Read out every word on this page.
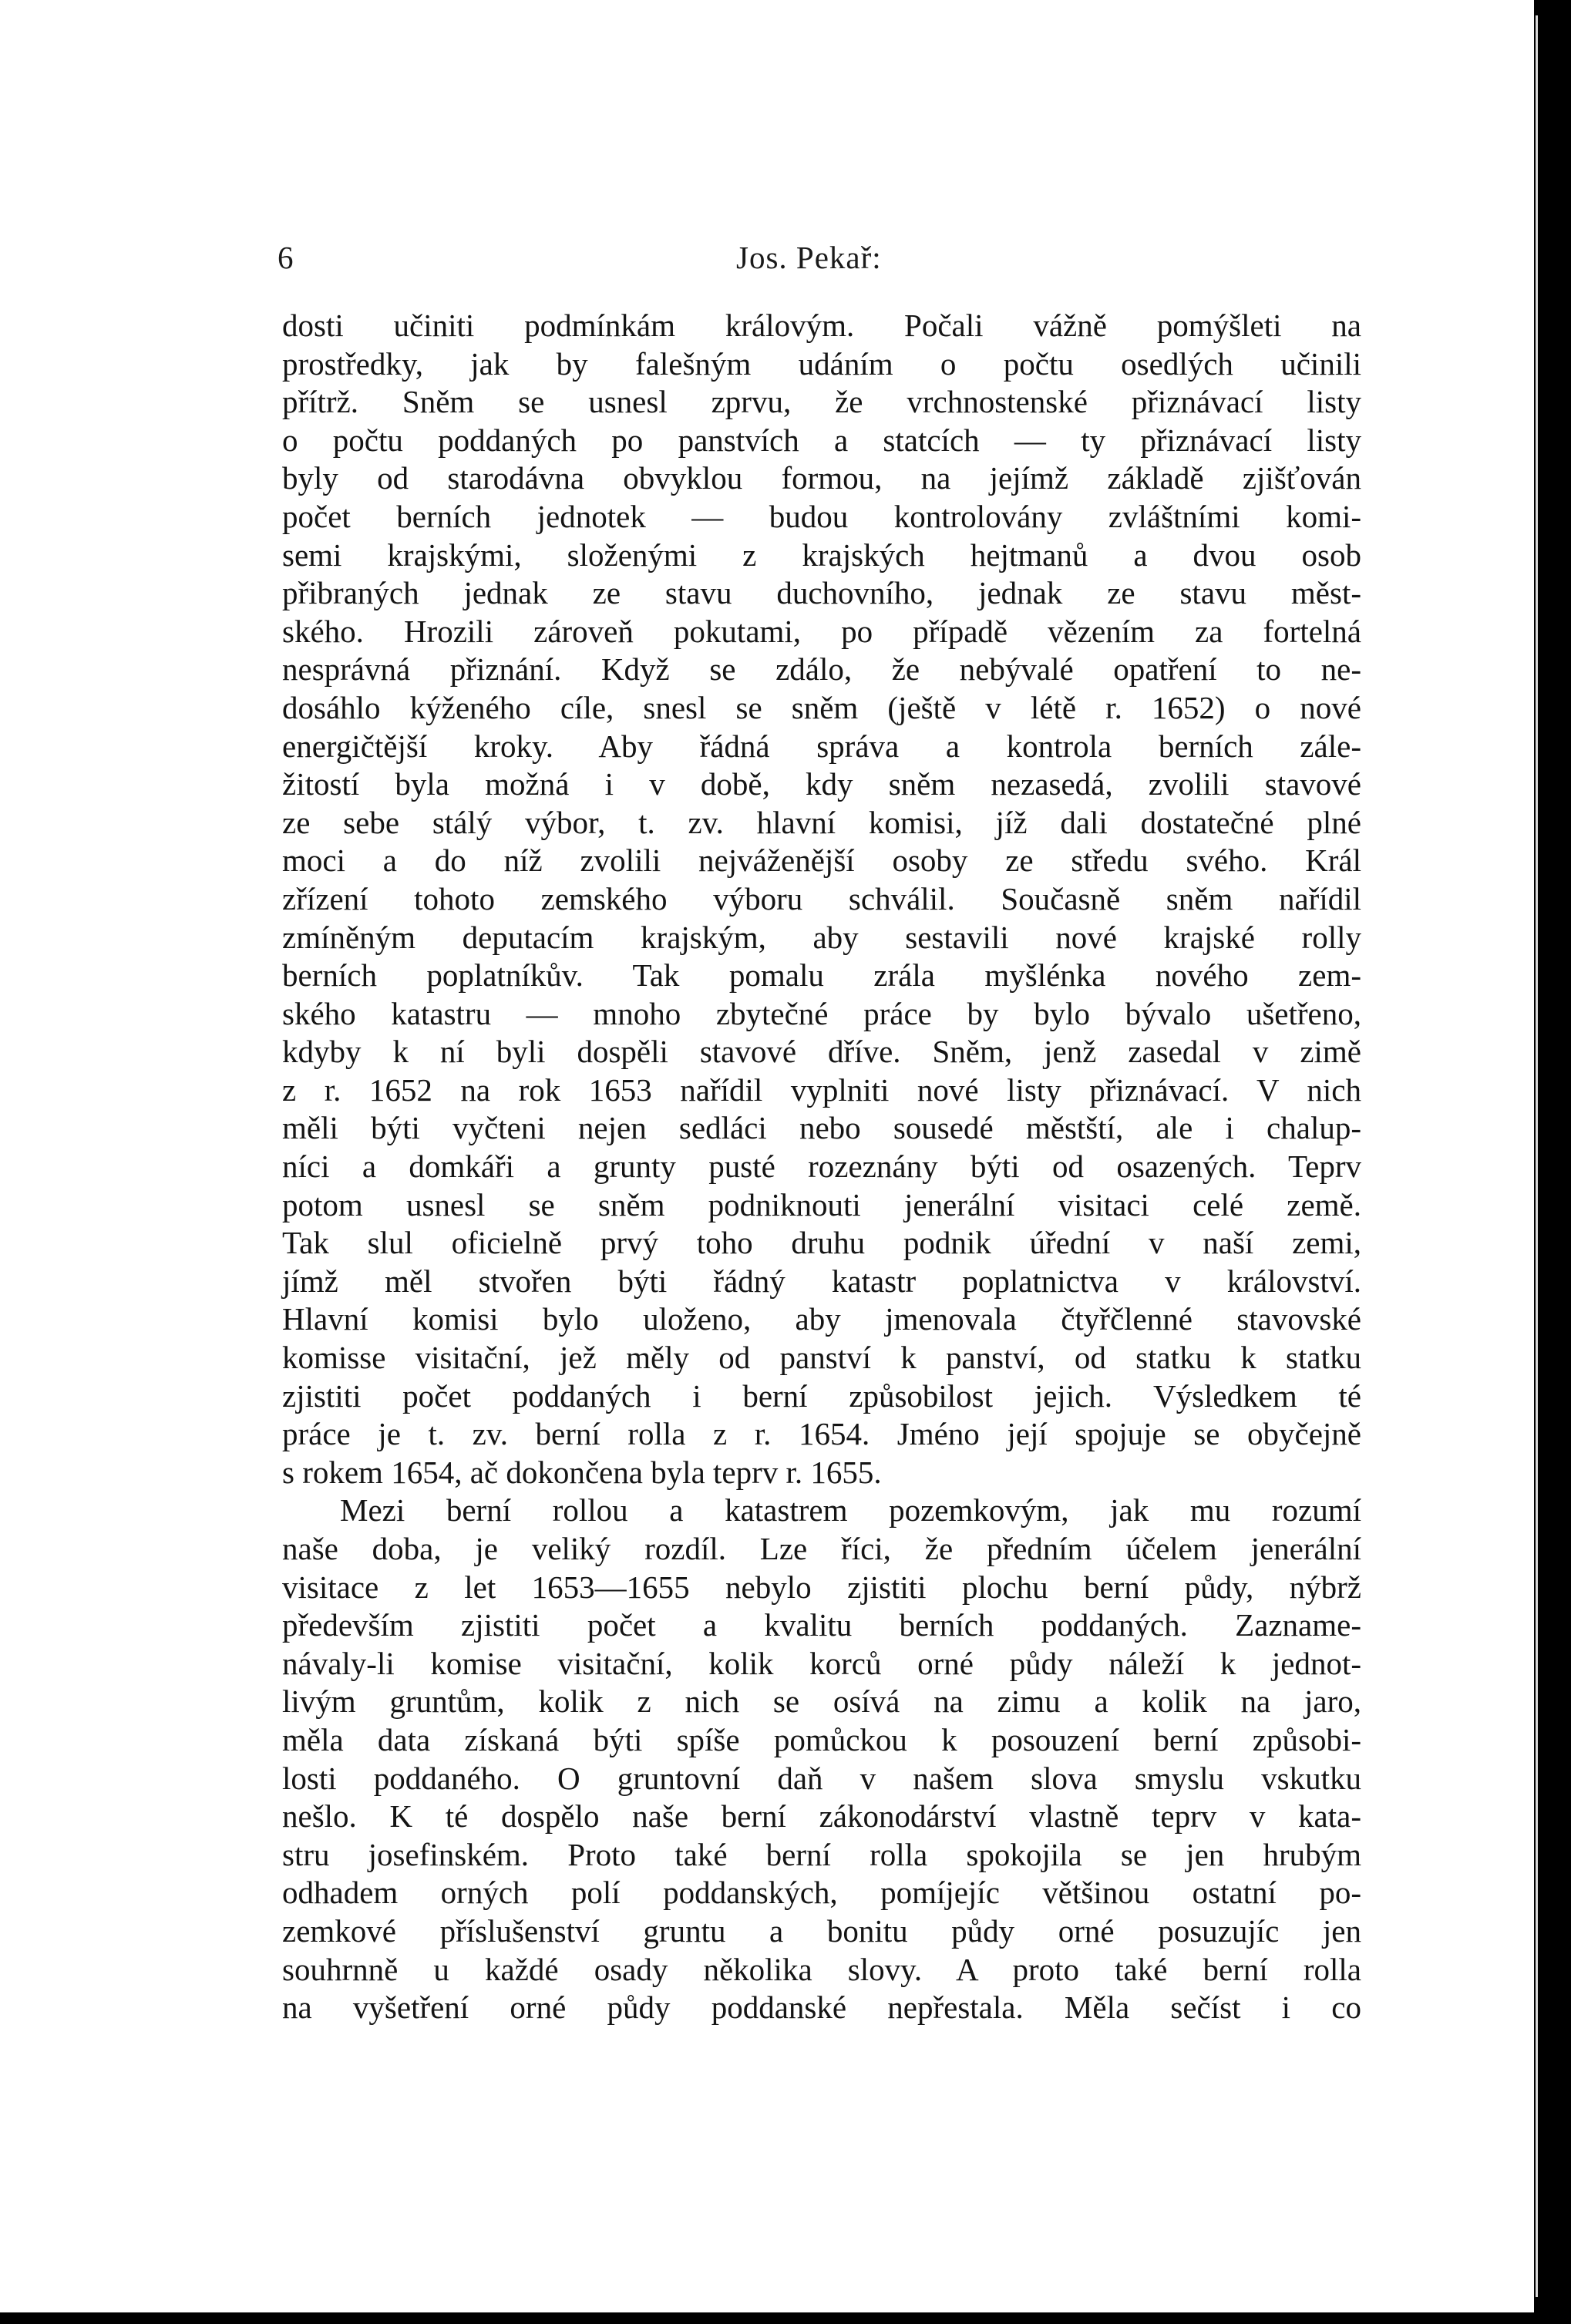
6	Jos. Pekař:
dosti učiniti podmínkám královým. Počali vážně pomýšleti na
prostředky, jak by falešným udáním o počtu osedlých učinili
přítrž. Sněm se usnesl zprvu, že vrchnostenské přiznávací listy
o počtu poddaných po panstvích a statcích — ty přiznávací listy
byly od starodávna obvyklou formou, na jejímž základě zjišťován
počet berních jednotek — budou kontrolovány zvláštními komi-
semi krajskými, složenými z krajských hejtmanů a dvou osob
přibraných jednak ze stavu duchovního, jednak ze stavu měst-
ského. Hrozili zároveň pokutami, po případě vězením za fortelná
nesprávná přiznání. Když se zdálo, že nebývalé opatření to ne-
dosáhlo kýženého cíle, snesl se sněm (ještě v létě r. 1652) o nové
energičtější kroky. Aby řádná správa a kontrola berních zále-
žitostí byla možná i v době, kdy sněm nezasedá, zvolili stavové
ze sebe stálý výbor, t. zv. hlavní komisi, jíž dali dostatečné plné
moci a do níž zvolili nejváženější osoby ze středu svého. Král
zřízení tohoto zemského výboru schválil. Současně sněm nařídil
zmíněným deputacím krajským, aby sestavili nové krajské rolly
berních poplatníkův. Tak pomalu zrála myšlénka nového zem-
ského katastru — mnoho zbytečné práce by bylo bývalo ušetřeno,
kdyby k ní byli dospěli stavové dříve. Sněm, jenž zasedal v zimě
z r. 1652 na rok 1653 nařídil vyplniti nové listy přiznávací. V nich
měli býti vyčteni nejen sedláci nebo sousedé městští, ale i chalup-
níci a domkáři a grunty pusté rozeznány býti od osazených. Teprv
potom usnesl se sněm podniknouti jenerální visitaci celé země.
Tak slul oficielně prvý toho druhu podnik úřední v naší zemi,
jímž měl stvořen býti řádný katastr poplatnictva v království.
Hlavní komisi bylo uloženo, aby jmenovala čtyřčlenné stavovské
komisse visitační, jež měly od panství k panství, od statku k statku
zjistiti počet poddaných i berní způsobilost jejich. Výsledkem té
práce je t. zv. berní rolla z r. 1654. Jméno její spojuje se obyčejně
s rokem 1654, ač dokončena byla teprv r. 1655.
Mezi berní rollou a katastrem pozemkovým, jak mu rozumí
naše doba, je veliký rozdíl. Lze říci, že předním účelem jenerální
visitace z let 1653—1655 nebylo zjistiti plochu berní půdy, nýbrž
především zjistiti počet a kvalitu berních poddaných. Zazname-
návaly-li komise visitační, kolik korců orné půdy náleží k jednot-
livým gruntům, kolik z nich se osívá na zimu a kolik na jaro,
měla data získaná býti spíše pomůckou k posouzení berní způsobi-
losti poddaného. O gruntovní daň v našem slova smyslu vskutku
nešlo. K té dospělo naše berní zákonodárství vlastně teprv v kata-
stru josefinském. Proto také berní rolla spokojila se jen hrubým
odhadem orných polí poddanských, pomíjejíc většinou ostatní po-
zemkové příslušenství gruntu a bonitu půdy orné posuzujíc jen
souhrnně u každé osady několika slovy. A proto také berní rolla
na vyšetření orné půdy poddanské nepřestala. Měla sečíst i co
